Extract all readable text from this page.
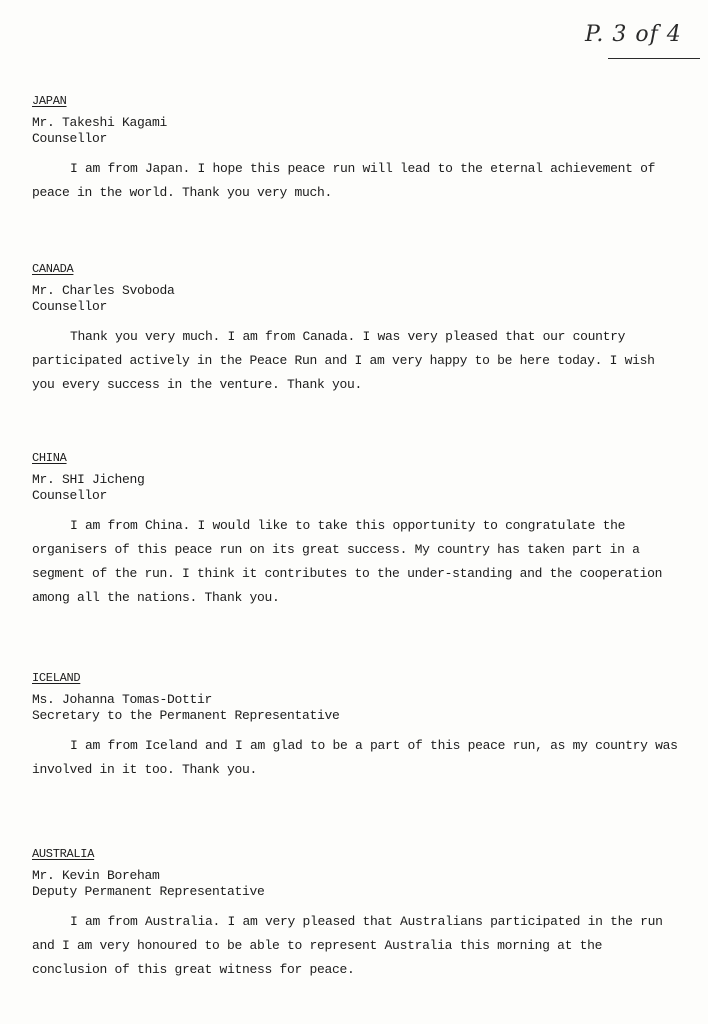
P. 3 of 4

JAPAN

Mr. Takeshi Kagami

Counsellor

I am from Japan. I hope this peace run will lead to the eternal achievement of peace in the world. Thank you very much.

CANADA

Mr. Charles Svoboda

Counsellor

Thank you very much. I am from Canada. I was very pleased that our country participated actively in the Peace Run and I am very happy to be here today. I wish you every success in the venture. Thank you.

CHINA

Mr. SHI Jicheng

Counsellor

I am from China. I would like to take this opportunity to congratulate the organisers of this peace run on its great success. My country has taken part in a segment of the run. I think it contributes to the under-standing and the cooperation among all the nations. Thank you.

ICELAND

Ms. Johanna Tomas-Dottir

Secretary to the Permanent Representative

I am from Iceland and I am glad to be a part of this peace run, as my country was involved in it too. Thank you.

AUSTRALIA

Mr. Kevin Boreham

Deputy Permanent Representative

I am from Australia. I am very pleased that Australians participated in the run and I am very honoured to be able to represent Australia this morning at the conclusion of this great witness for peace.
